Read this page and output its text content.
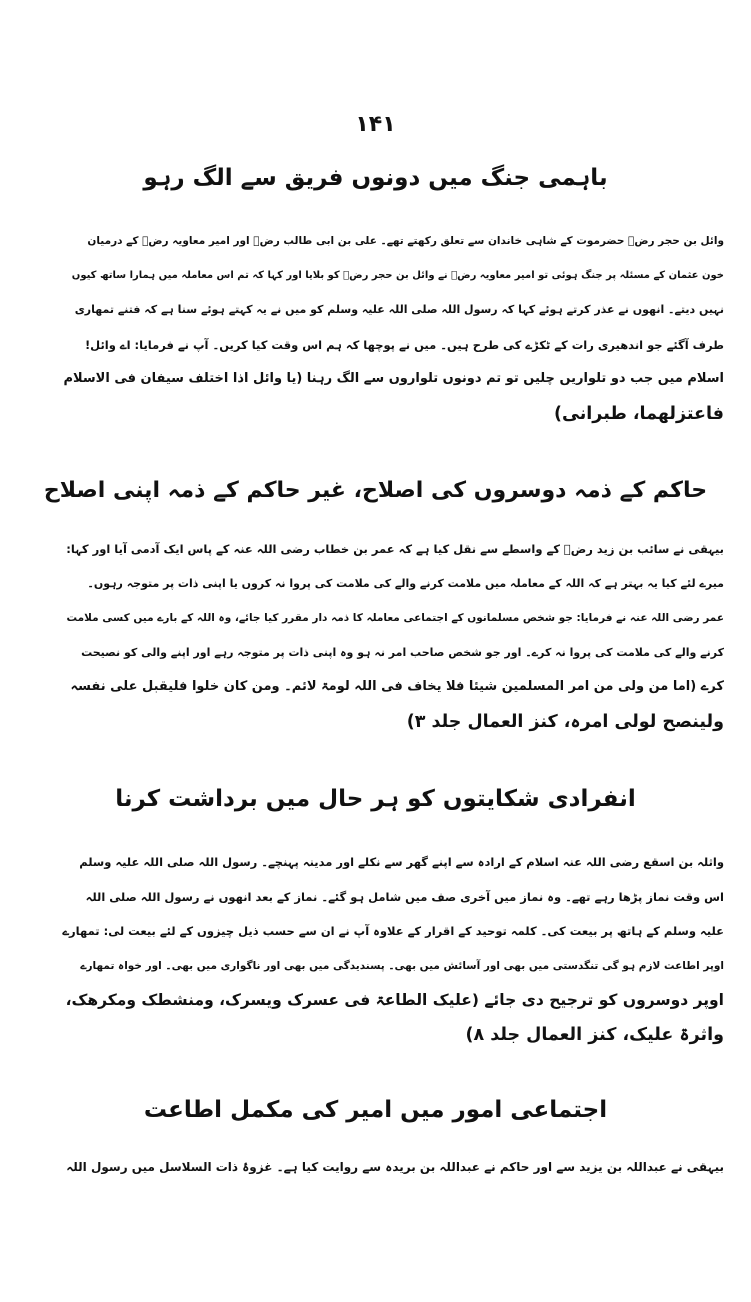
۱۴۱
باہمی جنگ میں دونوں فریق سے الگ رہو
وائل بن حجر رضؓ حضرموت کے شاہی خاندان سے تعلق رکھتے تھے۔ علی بن ابی طالب رضؓ اور امیر معاویہ رضؓ کے درمیان
خون عثمان کے مسئلہ پر جنگ ہوئی تو امیر معاویہ رضؓ نے وائل بن حجر رضؓ کو بلایا اور کہا کہ تم اس معاملہ میں ہمارا ساتھ کیوں
نہیں دیتے۔ انھوں نے عذر کرتے ہوئے کہا کہ رسول اللہ صلی اللہ علیہ وسلم کو میں نے یہ کہتے ہوئے سنا ہے کہ فتنے تمھاری
طرف آگئے جو اندھیری رات کے ٹکڑے کی طرح ہیں۔ میں نے پوچھا کہ ہم اس وقت کیا کریں۔ آپ نے فرمایا: اے وائل!
اسلام میں جب دو تلواریں چلیں تو تم دونوں تلواروں سے الگ رہنا (یا وائل اذا اختلف سیفان فی الاسلام
فاعتزلھما، طبرانی)
حاکم کے ذمہ دوسروں کی اصلاح، غیر حاکم کے ذمہ اپنی اصلاح
بیہقی نے سائب بن زید رضؓ کے واسطے سے نقل کیا ہے کہ عمر بن خطاب رضی اللہ عنہ کے پاس ایک آدمی آیا اور کہا:
میرے لئے کیا یہ بہتر ہے کہ اللہ کے معاملہ میں ملامت کرنے والے کی ملامت کی پروا نہ کروں یا اپنی ذات پر متوجہ رہوں۔
عمر رضی اللہ عنہ نے فرمایا: جو شخص مسلمانوں کے اجتماعی معاملہ کا ذمہ دار مقرر کیا جائے، وہ اللہ کے بارے میں کسی ملامت
کرنے والے کی ملامت کی پروا نہ کرے۔ اور جو شخص صاحب امر نہ ہو وہ اپنی ذات پر متوجہ رہے اور اپنے والی کو نصیحت
کرے (اما من ولی من امر المسلمین شیئا فلا یخاف فی اللہ لومۃ لائم۔ ومن کان خلوا فلیقبل علی نفسہ
ولینصح لولی امرہ، کنز العمال جلد ۳)
انفرادی شکایتوں کو ہر حال میں برداشت کرنا
واثلہ بن اسقع رضی اللہ عنہ اسلام کے ارادہ سے اپنے گھر سے نکلے اور مدینہ پہنچے۔ رسول اللہ صلی اللہ علیہ وسلم
اس وقت نماز پڑھا رہے تھے۔ وہ نماز میں آخری صف میں شامل ہو گئے۔ نماز کے بعد انھوں نے رسول اللہ صلی اللہ
علیہ وسلم کے ہاتھ پر بیعت کی۔ کلمہ توحید کے اقرار کے علاوہ آپ نے ان سے حسب ذیل چیزوں کے لئے بیعت لی: تمھارے
اوپر اطاعت لازم ہو گی تنگدستی میں بھی اور آسائش میں بھی۔ پسندیدگی میں بھی اور ناگواری میں بھی۔ اور خواہ تمھارے
اوپر دوسروں کو ترجیح دی جائے (علیک الطاعۃ فی عسرک ویسرک، ومنشطک ومکرھک،
واثرۃ علیک، کنز العمال جلد ۸)
اجتماعی امور میں امیر کی مکمل اطاعت
بیہقی نے عبداللہ بن یزید سے اور حاکم نے عبداللہ بن بریدہ سے روایت کیا ہے۔ غزوۂ ذات السلاسل میں رسول اللہ
